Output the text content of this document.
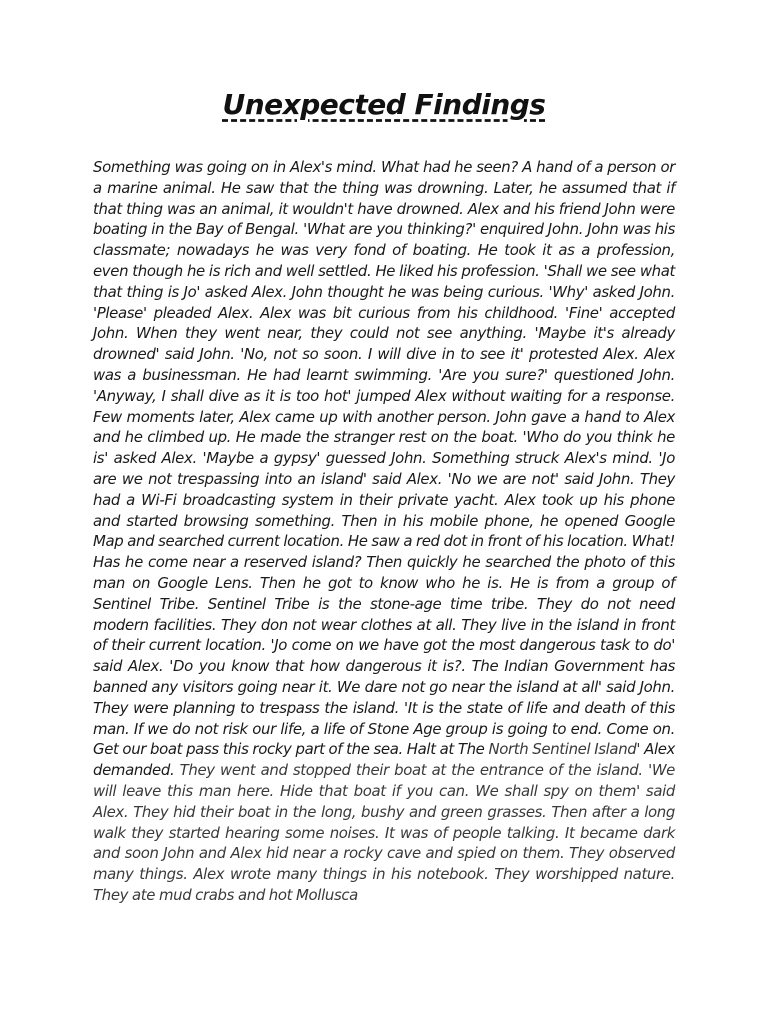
Unexpected Findings
Something was going on in Alex's mind. What had he seen? A hand of a person or a marine animal. He saw that the thing was drowning. Later, he assumed that if that thing was an animal, it wouldn't have drowned. Alex and his friend John were boating in the Bay of Bengal. 'What are you thinking?' enquired John. John was his classmate; nowadays he was very fond of boating. He took it as a profession, even though he is rich and well settled. He liked his profession. 'Shall we see what that thing is Jo' asked Alex. John thought he was being curious. 'Why' asked John. 'Please' pleaded Alex. Alex was bit curious from his childhood. 'Fine' accepted John. When they went near, they could not see anything. 'Maybe it's already drowned' said John. 'No, not so soon. I will dive in to see it' protested Alex. Alex was a businessman. He had learnt swimming. 'Are you sure?' questioned John. 'Anyway, I shall dive as it is too hot' jumped Alex without waiting for a response. Few moments later, Alex came up with another person. John gave a hand to Alex and he climbed up. He made the stranger rest on the boat. 'Who do you think he is' asked Alex. 'Maybe a gypsy' guessed John. Something struck Alex's mind. 'Jo are we not trespassing into an island' said Alex. 'No we are not' said John. They had a Wi-Fi broadcasting system in their private yacht. Alex took up his phone and started browsing something. Then in his mobile phone, he opened Google Map and searched current location. He saw a red dot in front of his location. What! Has he come near a reserved island? Then quickly he searched the photo of this man on Google Lens. Then he got to know who he is. He is from a group of Sentinel Tribe. Sentinel Tribe is the stone-age time tribe. They do not need modern facilities. They don not wear clothes at all. They live in the island in front of their current location. 'Jo come on we have got the most dangerous task to do' said Alex. 'Do you know that how dangerous it is?. The Indian Government has banned any visitors going near it. We dare not go near the island at all' said John. They were planning to trespass the island. 'It is the state of life and death of this man. If we do not risk our life, a life of Stone Age group is going to end. Come on. Get our boat pass this rocky part of the sea. Halt at The North Sentinel Island' Alex demanded. They went and stopped their boat at the entrance of the island. 'We will leave this man here. Hide that boat if you can. We shall spy on them' said Alex. They hid their boat in the long, bushy and green grasses. Then after a long walk they started hearing some noises. It was of people talking. It became dark and soon John and Alex hid near a rocky cave and spied on them. They observed many things. Alex wrote many things in his notebook. They worshipped nature. They ate mud crabs and hot Mollusca
